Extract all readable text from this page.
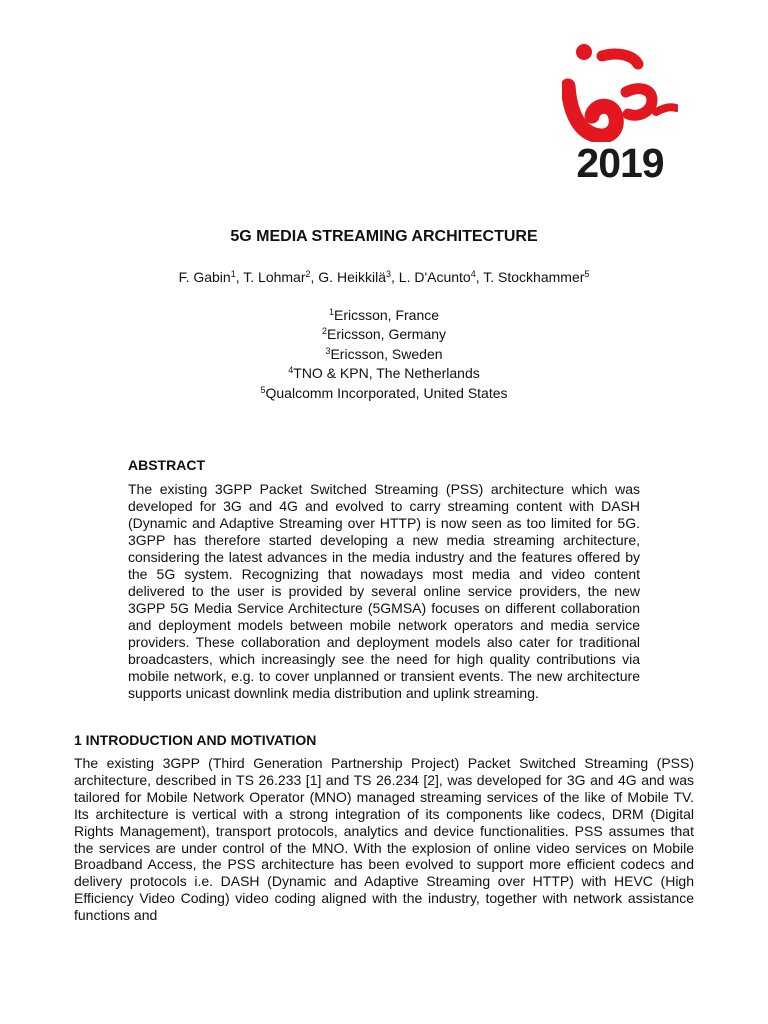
2019
5G MEDIA STREAMING ARCHITECTURE
F. Gabin$^1$, T. Lohmar$^2$, G. Heikkilä$^3$, L. D'Acunto$^4$, T. Stockhammer$^5$
$^1$Ericsson, France
$^2$Ericsson, Germany
$^3$Ericsson, Sweden
$^4$TNO & KPN, The Netherlands
$^5$Qualcomm Incorporated, United States
ABSTRACT
The existing 3GPP Packet Switched Streaming (PSS) architecture which was developed for 3G and 4G and evolved to carry streaming content with DASH (Dynamic and Adaptive Streaming over HTTP) is now seen as too limited for 5G. 3GPP has therefore started developing a new media streaming architecture, considering the latest advances in the media industry and the features offered by the 5G system. Recognizing that nowadays most media and video content delivered to the user is provided by several online service providers, the new 3GPP 5G Media Service Architecture (5GMSA) focuses on different collaboration and deployment models between mobile network operators and media service providers. These collaboration and deployment models also cater for traditional broadcasters, which increasingly see the need for high quality contributions via mobile network, e.g. to cover unplanned or transient events. The new architecture supports unicast downlink media distribution and uplink streaming.
1 INTRODUCTION AND MOTIVATION
The existing 3GPP (Third Generation Partnership Project) Packet Switched Streaming (PSS) architecture, described in TS 26.233 [1] and TS 26.234 [2], was developed for 3G and 4G and was tailored for Mobile Network Operator (MNO) managed streaming services of the like of Mobile TV. Its architecture is vertical with a strong integration of its components like codecs, DRM (Digital Rights Management), transport protocols, analytics and device functionalities. PSS assumes that the services are under control of the MNO. With the explosion of online video services on Mobile Broadband Access, the PSS architecture has been evolved to support more efficient codecs and delivery protocols i.e. DASH (Dynamic and Adaptive Streaming over HTTP) with HEVC (High Efficiency Video Coding) video coding aligned with the industry, together with network assistance functions and
